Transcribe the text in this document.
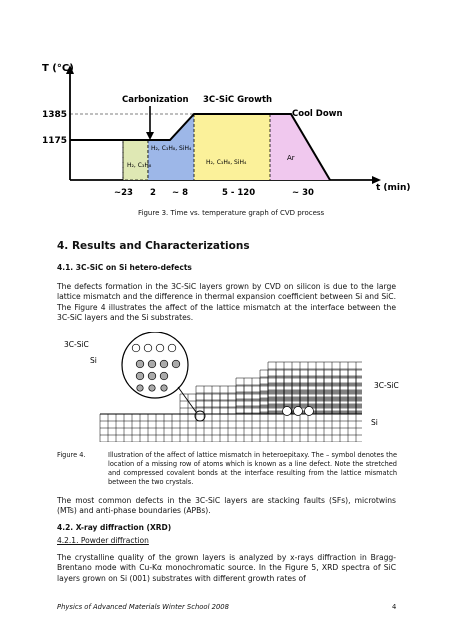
T (°C)
1385
1175
Carbonization 3C-SiC Growth
Cool Down
H₂, C₃H₈
H₂, C₃H₈, SiH₄
H₂, C₃H₈, SiH₄
Ar
t (min)
~23 2 ~ 8	5 - 120	~ 30
Figure 3. Time vs. temperature graph of CVD process
4. Results and Characterizations
4.1. 3C-SiC on Si hetero-defects
The defects formation in the 3C-SiC layers grown by CVD on silicon is due to the large lattice mismatch and the difference in thermal expansion coefficient between Si and SiC. The Figure 4 illustrates the affect of the lattice mismatch at the interface between the 3C-SiC layers and the Si substrates.
3C-SiC
Si
3C-SiC
Si
Figure 4.	Illustration of the affect of lattice mismatch in heteroepitaxy. The – symbol denotes the location of a missing row of atoms which is known as a line defect. Note the stretched and compressed covalent bonds at the interface resulting from the lattice mismatch between the two crystals.
The most common defects in the 3C-SiC layers are stacking faults (SFs), microtwins (MTs) and anti-phase boundaries (APBs).
4.2. X-ray diffraction (XRD)
4.2.1. Powder diffraction
The crystalline quality of the grown layers is analyzed by x-rays diffraction in Bragg-Brentano mode with Cu-Kα monochromatic source. In the Figure 5, XRD spectra of SiC layers grown on Si (001) substrates with different growth rates of
Physics of Advanced Materials Winter School 2008	4
